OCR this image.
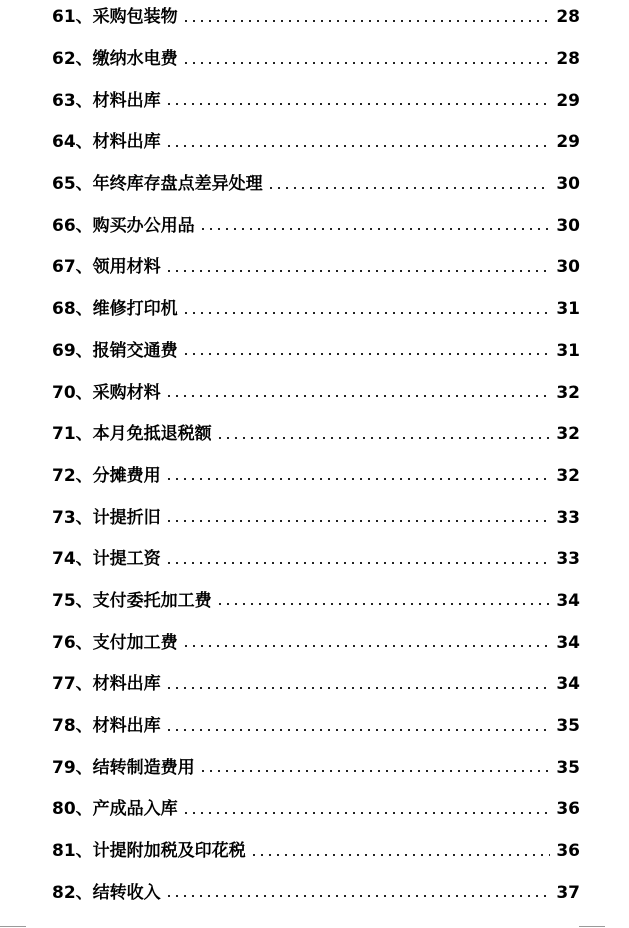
61、 采购包装物	28
62、 缴纳水电费	28
63、 材料出库	29
64、 材料出库	29
65、 年终库存盘点差异处理	30
66、 购买办公用品	30
67、 领用材料	30
68、 维修打印机	31
69、 报销交通费	31
70、 采购材料	32
71、 本月免抵退税额	32
72、 分摊费用	32
73、 计提折旧	33
74、 计提工资	33
75、 支付委托加工费	34
76、 支付加工费	34
77、 材料出库	34
78、 材料出库	35
79、 结转制造费用	35
80、 产成品入库	36
81、 计提附加税及印花税	36
82、 结转收入	37
